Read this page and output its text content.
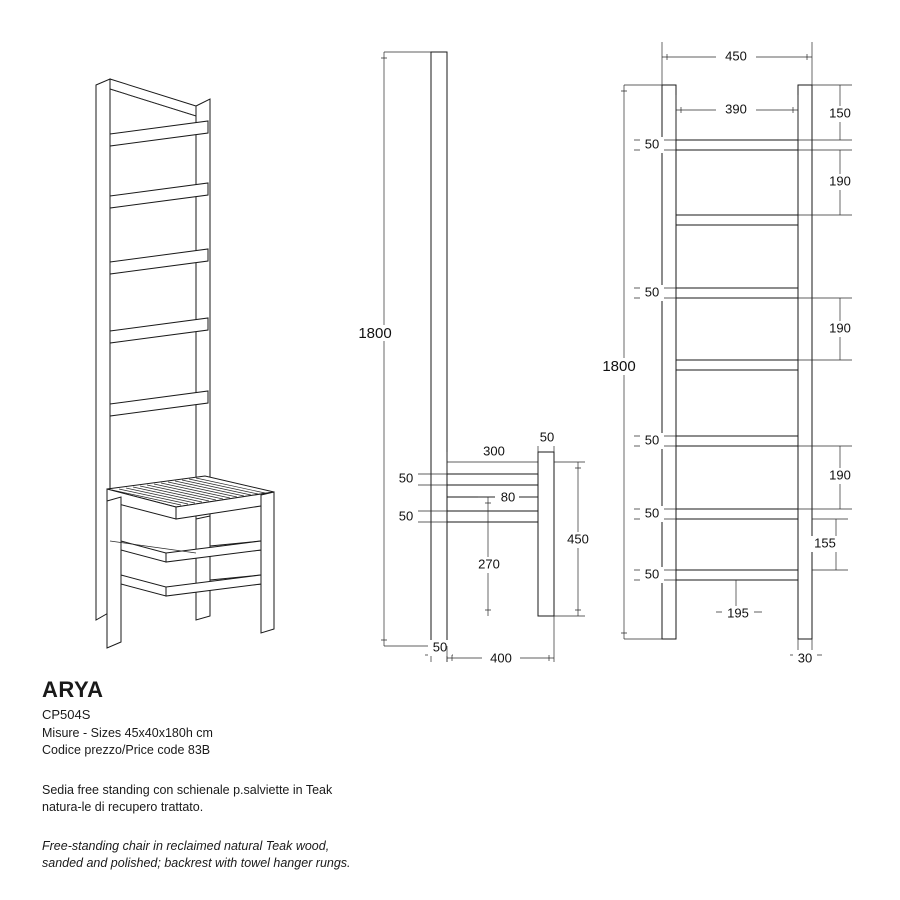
1800
300
50
50
80
50
270
450
50
400
450
390	150
190
190
190
155
50
50
50
50
50
1800
195
30
ARYA

CP504S

Misure - Sizes 45x40x180h cm

Codice prezzo/Price code 83B

Sedia free standing con schienale p.salviette in Teak natura-le di recupero trattato.

Free-standing chair in reclaimed natural Teak wood, sanded and polished; backrest with towel hanger rungs.
